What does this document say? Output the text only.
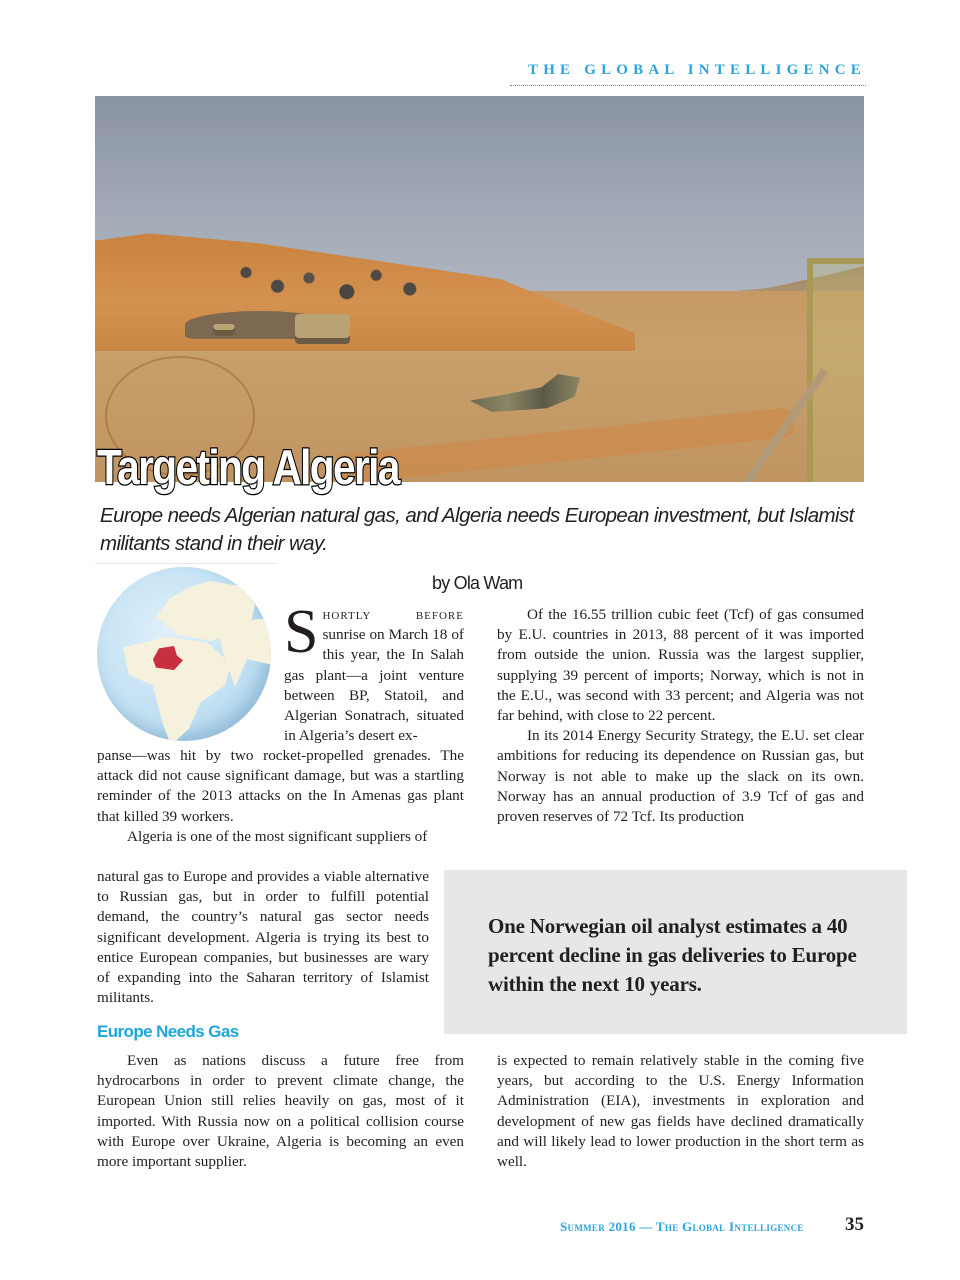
THE GLOBAL INTELLIGENCE
Targeting Algeria
Europe needs Algerian natural gas, and Algeria needs European investment, but Islamist militants stand in their way.
by Ola Wam

Shortly before sunrise on March 18 of this year, the In Salah gas plant—a joint venture between BP, Statoil, and Algerian Sonatrach, situated in Algeria’s desert ex-

panse—was hit by two rocket-propelled grenades. The attack did not cause significant damage, but was a startling reminder of the 2013 attacks on the In Amenas gas plant that killed 39 workers.

Algeria is one of the most significant suppliers of

natural gas to Europe and provides a viable alternative to Russian gas, but in order to fulfill potential demand, the country’s natural gas sector needs significant development. Algeria is trying its best to entice European companies, but businesses are wary of expanding into the Saharan territory of Islamist militants.

Europe Needs Gas

Even as nations discuss a future free from hydrocarbons in order to prevent climate change, the European Union still relies heavily on gas, most of it imported. With Russia now on a political collision course with Europe over Ukraine, Algeria is becoming an even more important supplier.

Of the 16.55 trillion cubic feet (Tcf) of gas consumed by E.U. countries in 2013, 88 percent of it was imported from outside the union. Russia was the largest supplier, supplying 39 percent of imports; Norway, which is not in the E.U., was second with 33 percent; and Algeria was not far behind, with close to 22 percent.

In its 2014 Energy Security Strategy, the E.U. set clear ambitions for reducing its dependence on Russian gas, but Norway is not able to make up the slack on its own. Norway has an annual production of 3.9 Tcf of gas and proven reserves of 72 Tcf. Its production

One Norwegian oil analyst estimates a 40 percent decline in gas deliveries to Europe within the next 10 years.

is expected to remain relatively stable in the coming five years, but according to the U.S. Energy Information Administration (EIA), investments in exploration and development of new gas fields have declined dramatically and will likely lead to lower production in the short term as well.

Summer 2016 — The Global Intelligence 35
